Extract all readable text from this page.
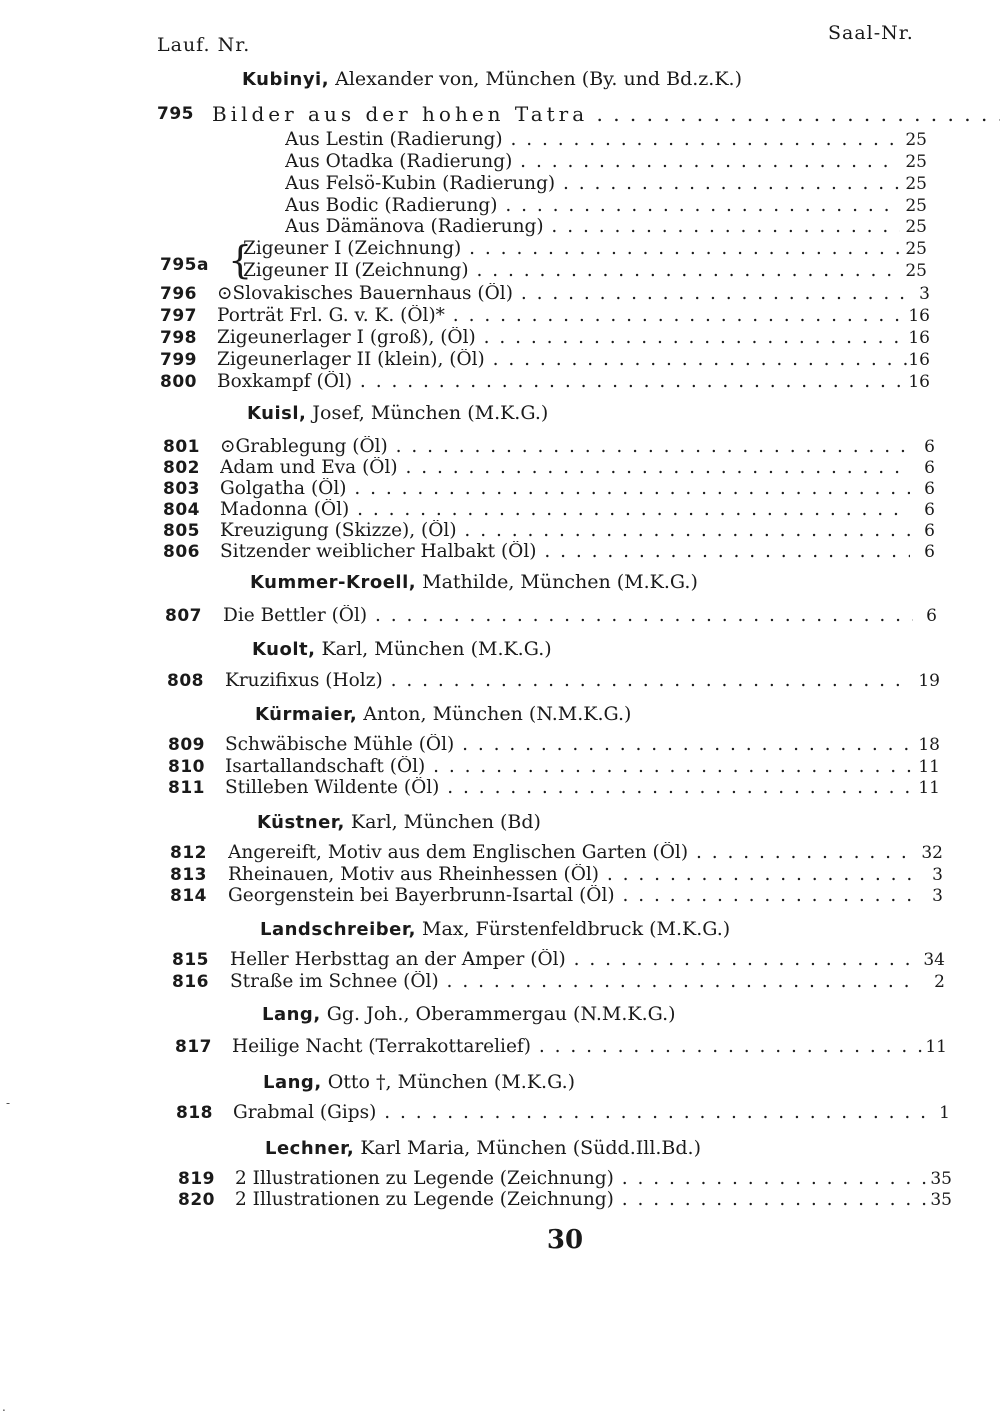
Lauf. Nr.
Saal-Nr.
Kubinyi, Alexander von, München (By. und Bd.z.K.)
795 Bilder aus der hohen Tatra . . .
Aus Lestin (Radierung) . . .	25
Aus Otadka (Radierung) . . .	25
Aus Felsö-Kubin (Radierung) . . .	25
Aus Bodic (Radierung) . . .	25
Aus Dämänova (Radierung) . . .	25
{
Zigeuner I (Zeichnung) . . .	25
795a Zigeuner II (Zeichnung) . . .	25
796 ⊙Slovakisches Bauernhaus (Öl) . . .	3
797 Porträt Frl. G. v. K. (Öl)* . . .	16
798 Zigeunerlager I (groß), (Öl) . . .	16
799 Zigeunerlager II (klein), (Öl) . . .	16
800 Boxkampf (Öl) . . .	16
Kuisl, Josef, München (M.K.G.)
801 ⊙Grablegung (Öl) . . .	6
802 Adam und Eva (Öl) . . .	6
803 Golgatha (Öl) . . .	6
804 Madonna (Öl) . . .	6
805 Kreuzigung (Skizze), (Öl) . . .	6
806 Sitzender weiblicher Halbakt (Öl) . . .	6
Kummer-Kroell, Mathilde, München (M.K.G.)
807 Die Bettler (Öl) . . .	6
Kuolt, Karl, München (M.K.G.)
808 Kruzifixus (Holz) . . .	19
Kürmaier, Anton, München (N.M.K.G.)
809 Schwäbische Mühle (Öl) . . .	18
810 Isartallandschaft (Öl) . . .	11
811 Stilleben Wildente (Öl) . . .	11
Küstner, Karl, München (Bd)
812 Angereift, Motiv aus dem Englischen Garten (Öl) . . .	32
813 Rheinauen, Motiv aus Rheinhessen (Öl) . . .	3
814 Georgenstein bei Bayerbrunn-Isartal (Öl) . . .	3
Landschreiber, Max, Fürstenfeldbruck (M.K.G.)
815 Heller Herbsttag an der Amper (Öl) . . .	34
816 Straße im Schnee (Öl) . . .	2
Lang, Gg. Joh., Oberammergau (N.M.K.G.)
817 Heilige Nacht (Terrakottarelief) . . .	11
Lang, Otto †, München (M.K.G.)
818 Grabmal (Gips) . . .	1
Lechner, Karl Maria, München (Südd.Ill.Bd.)
819 2 Illustrationen zu Legende (Zeichnung) . . .	35
820 2 Illustrationen zu Legende (Zeichnung) . . .	35
30
-
.
